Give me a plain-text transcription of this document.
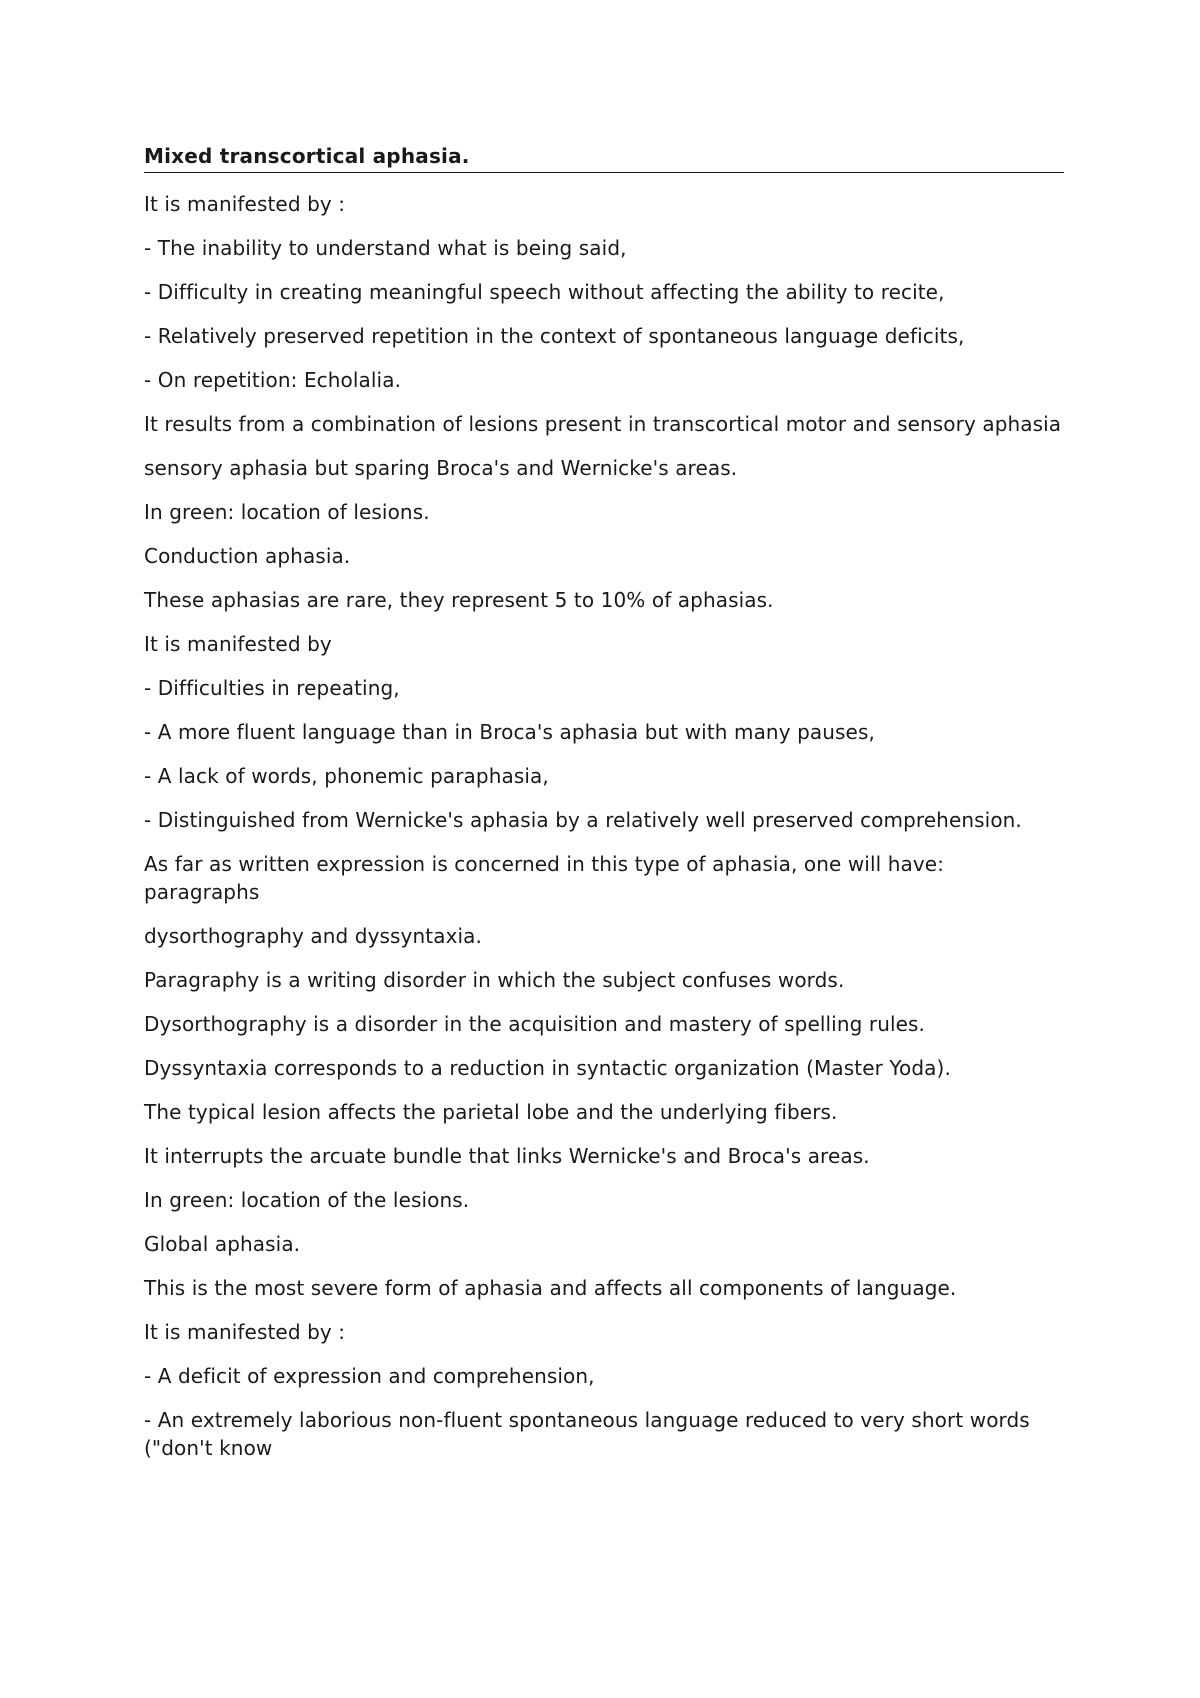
Mixed transcortical aphasia.

It is manifested by :

- The inability to understand what is being said,

- Difficulty in creating meaningful speech without affecting the ability to recite,

- Relatively preserved repetition in the context of spontaneous language deficits,

- On repetition: Echolalia.

It results from a combination of lesions present in transcortical motor and sensory aphasia

sensory aphasia but sparing Broca's and Wernicke's areas.

In green: location of lesions.

Conduction aphasia.

These aphasias are rare, they represent 5 to 10% of aphasias.

It is manifested by

- Difficulties in repeating,

- A more fluent language than in Broca's aphasia but with many pauses,

- A lack of words, phonemic paraphasia,

- Distinguished from Wernicke's aphasia by a relatively well preserved comprehension.

As far as written expression is concerned in this type of aphasia, one will have: paragraphs

dysorthography and dyssyntaxia.

Paragraphy is a writing disorder in which the subject confuses words.

Dysorthography is a disorder in the acquisition and mastery of spelling rules.

Dyssyntaxia corresponds to a reduction in syntactic organization (Master Yoda).

The typical lesion affects the parietal lobe and the underlying fibers.

It interrupts the arcuate bundle that links Wernicke's and Broca's areas.

In green: location of the lesions.

Global aphasia.

This is the most severe form of aphasia and affects all components of language.

It is manifested by :

- A deficit of expression and comprehension,

- An extremely laborious non-fluent spontaneous language reduced to very short words ("don't know
